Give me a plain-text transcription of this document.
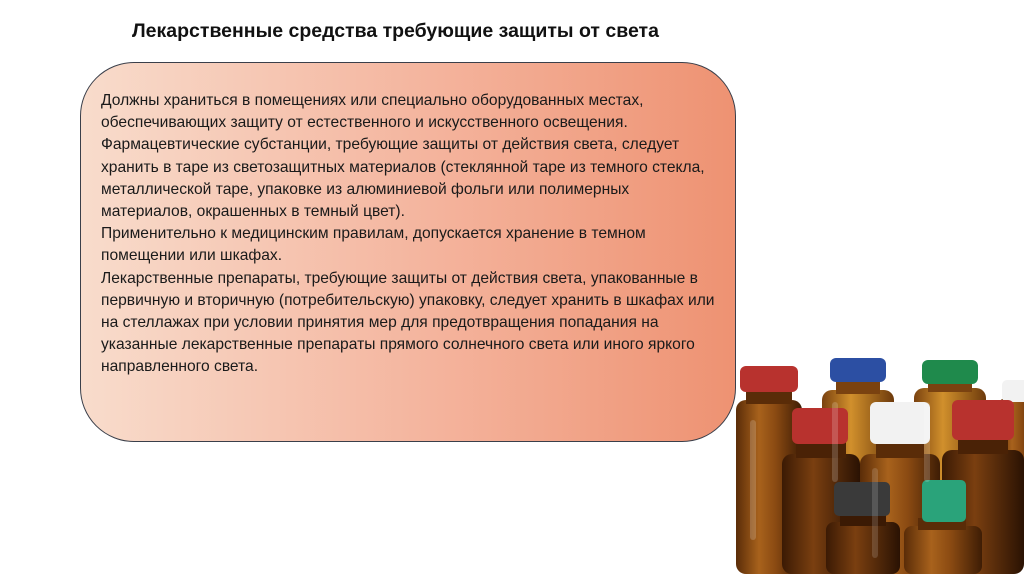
Лекарственные средства требующие защиты от света

Должны храниться в помещениях или специально оборудованных местах, обеспечивающих защиту от естественного и искусственного освещения. Фармацевтические субстанции, требующие защиты от действия света, следует хранить в таре из светозащитных материалов (стеклянной таре из темного стекла, металлической таре, упаковке из алюминиевой фольги или полимерных материалов, окрашенных в темный цвет).

Применительно к медицинским правилам, допускается хранение в темном помещении или шкафах.

Лекарственные препараты, требующие защиты от действия света, упакованные в первичную и вторичную (потребительскую) упаковку, следует хранить в шкафах или на стеллажах при условии принятия мер для предотвращения попадания на указанные лекарственные препараты прямого солнечного света или иного яркого направленного света.
